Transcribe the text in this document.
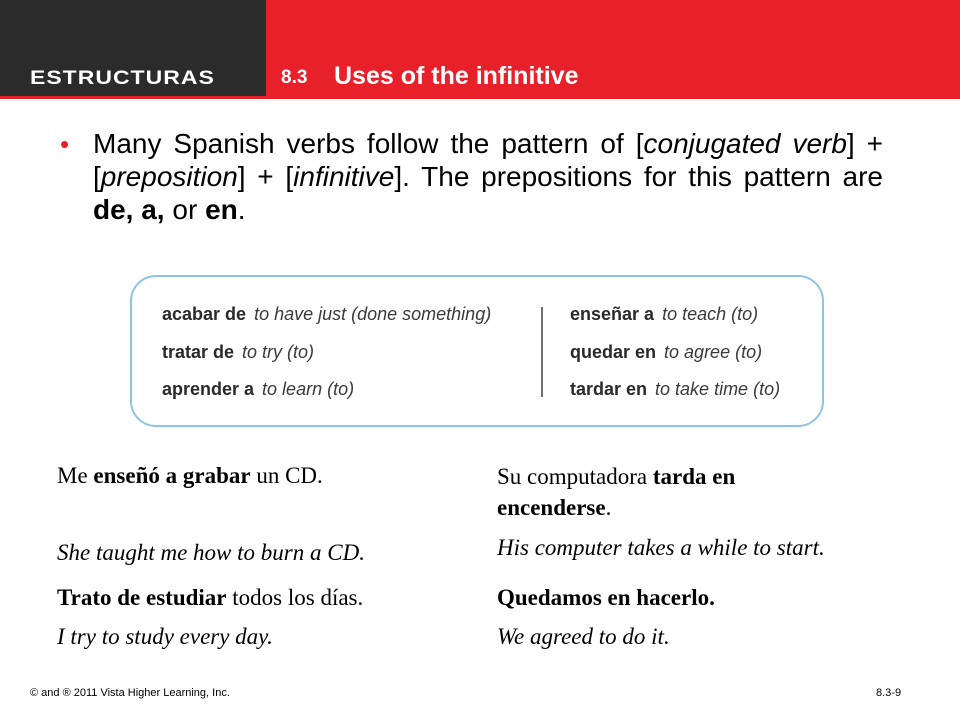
ESTRUCTURAS	8.3 Uses of the infinitive
• Many Spanish verbs follow the pattern of [conjugated verb] + [preposition] + [infinitive]. The prepositions for this pattern are de, a, or en.
acabar de to have just (done something)
tratar de to try (to)
aprender a to learn (to)
enseñar a to teach (to)
quedar en to agree (to)
tardar en to take time (to)
Me enseñó a grabar un CD.
She taught me how to burn a CD.
Su computadora tarda en
encenderse.
His computer takes a while to start.
Trato de estudiar todos los días.
I try to study every day.
Quedamos en hacerlo.
We agreed to do it.
© and ® 2011 Vista Higher Learning, Inc.	8.3-9
